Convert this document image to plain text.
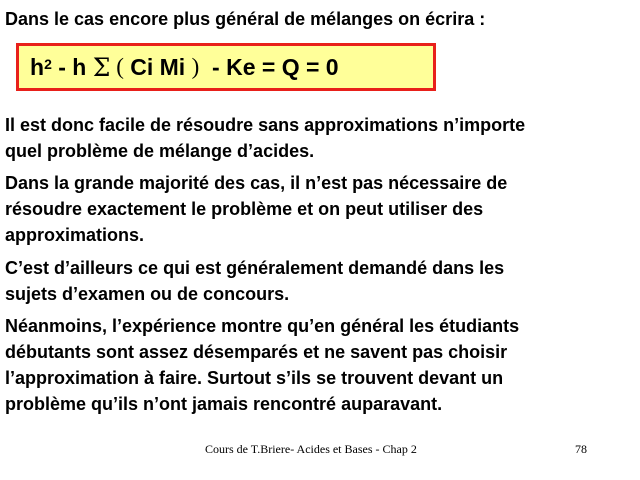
Dans le cas encore plus général de mélanges on écrira :

$h^2$ - h Σ ( Ci Mi ) - Ke = Q = 0
Il est donc facile de résoudre sans approximations n’importe
quel problème de mélange d’acides.
Dans la grande majorité des cas, il n’est pas nécessaire de
résoudre exactement le problème et on peut utiliser des
approximations.
C’est d’ailleurs ce qui est généralement demandé dans les
sujets d’examen ou de concours.
Néanmoins, l’expérience montre qu’en général les étudiants
débutants sont assez désemparés et ne savent pas choisir
l’approximation à faire. Surtout s’ils se trouvent devant un
problème qu’ils n’ont jamais rencontré auparavant.
Cours de T.Briere- Acides et Bases - Chap 2	78
